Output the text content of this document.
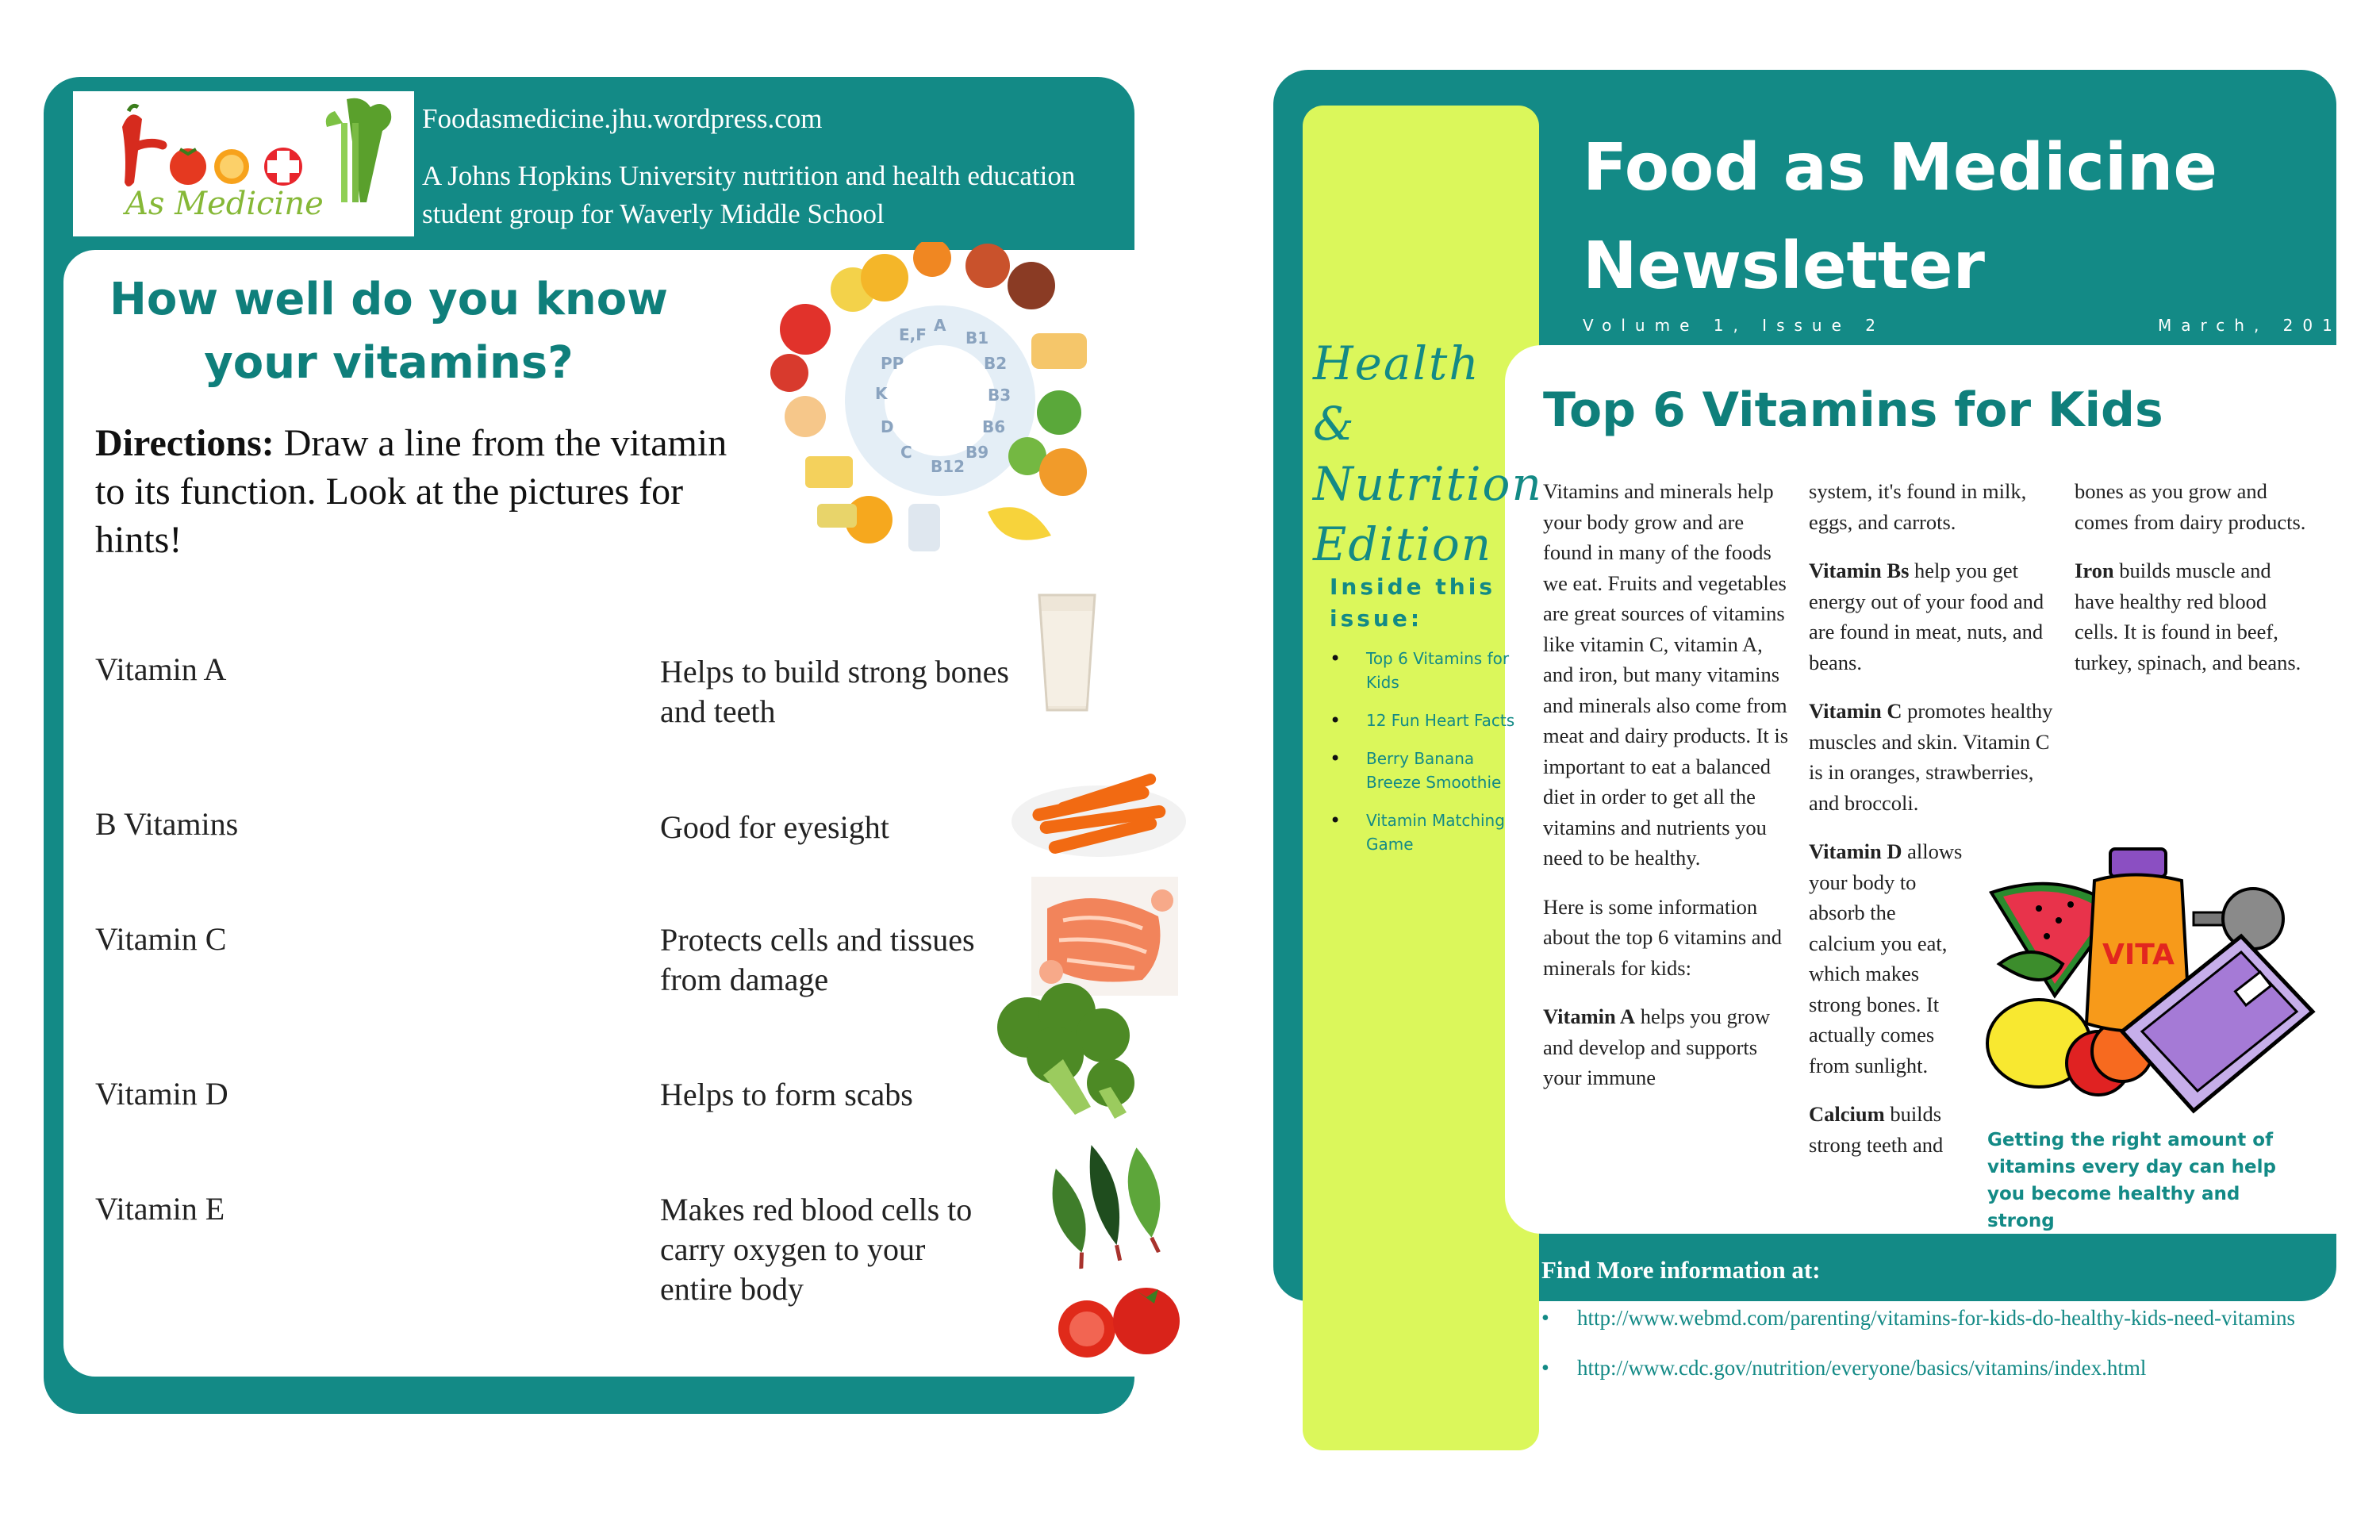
As Medicine
Foodasmedicine.jhu.wordpress.com
A Johns Hopkins University nutrition and health education student group for Waverly Middle School
How well do you know
your vitamins?
A
B1
B2
B3
B6
B9
B12
C
D
K
PP
E,F
Directions: Draw a line from the vitamin to its function. Look at the pictures for hints!
Vitamin A
B Vitamins
Vitamin C
Vitamin D
Vitamin E
Helps to build strong bones and teeth
Good for eyesight
Protects cells and tissues from damage
Helps to form scabs
Makes red blood cells to carry oxygen to your entire body
Food as Medicine
Newsletter
Volume 1, Issue 2	March, 2014
Health &
Nutrition
Edition
Inside this issue:
• Top 6 Vitamins for Kids
• 12 Fun Heart Facts
• Berry Banana Breeze Smoothie
• Vitamin Matching Game
Top 6 Vitamins for Kids

Vitamins and minerals help your body grow and are found in many of the foods we eat. Fruits and vegetables are great sources of vitamins like vitamin C, vitamin A, and iron, but many vitamins and minerals also come from meat and dairy products. It is important to eat a balanced diet in order to get all the vitamins and nutrients you need to be healthy.

Here is some information about the top 6 vitamins and minerals for kids:

Vitamin A helps you grow and develop and supports your immune

system, it's found in milk, eggs, and carrots.

Vitamin Bs help you get energy out of your food and are found in meat, nuts, and beans.

Vitamin C promotes healthy muscles and skin. Vitamin C is in oranges, strawberries, and broccoli.

Vitamin D allows your body to absorb the calcium you eat, which makes strong bones. It actually comes from sunlight.

Calcium builds strong teeth and

bones as you grow and comes from dairy products.

Iron builds muscle and have healthy red blood cells. It is found in beef, turkey, spinach, and beans.

VITA
Getting the right amount of vitamins every day can help you become healthy and strong
Find More information at:
• http://www.webmd.com/parenting/vitamins-for-kids-do-healthy-kids-need-vitamins
• http://www.cdc.gov/nutrition/everyone/basics/vitamins/index.html
